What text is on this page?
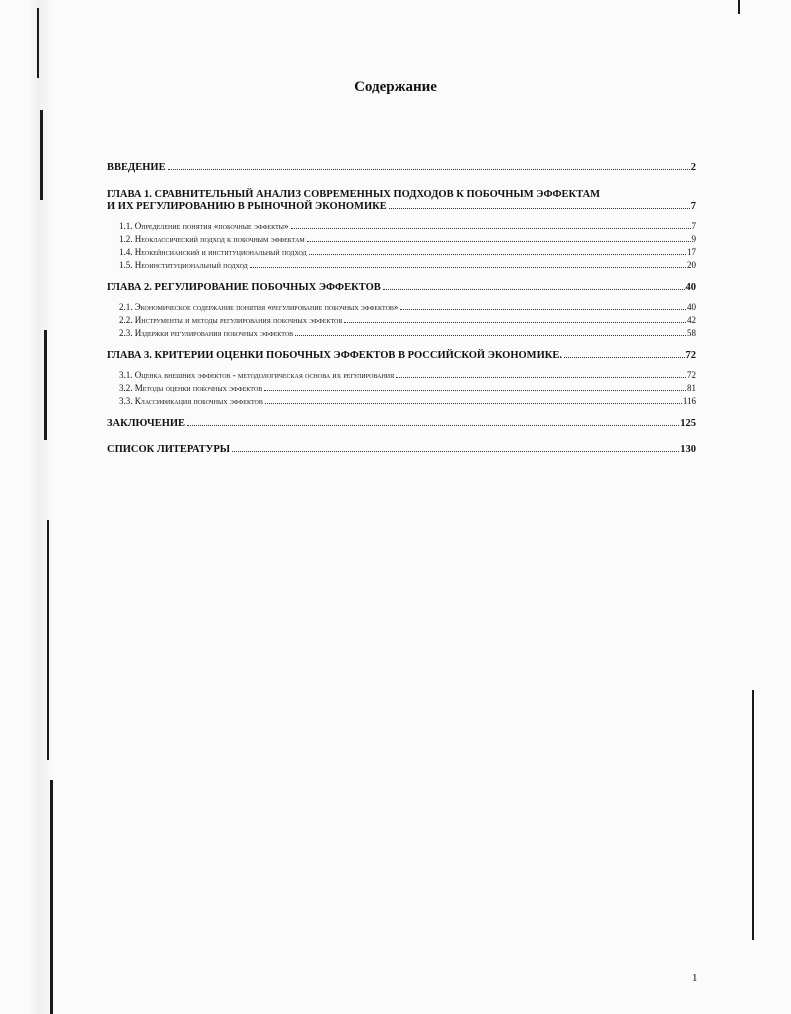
Содержание
ВВЕДЕНИЕ	2
ГЛАВА 1. СРАВНИТЕЛЬНЫЙ АНАЛИЗ СОВРЕМЕННЫХ ПОДХОДОВ К ПОБОЧНЫМ ЭФФЕКТАМ
И ИХ РЕГУЛИРОВАНИЮ В РЫНОЧНОЙ ЭКОНОМИКЕ	7
1.1. Определение понятия «побочные эффекты»	7
1.2. Неоклассический подход к побочным эффектам	9
1.4. Неокейнсианский и институциональный подход	17
1.5. Неоинституциональный подход	20
ГЛАВА 2. РЕГУЛИРОВАНИЕ ПОБОЧНЫХ ЭФФЕКТОВ	40
2.1. Экономическое содержание понятия «регулирование побочных эффектов»	40
2.2. Инструменты и методы регулирования побочных эффектов	42
2.3. Издержки регулирования побочных эффектов	58
ГЛАВА 3. КРИТЕРИИ ОЦЕНКИ ПОБОЧНЫХ ЭФФЕКТОВ В РОССИЙСКОЙ ЭКОНОМИКЕ.	72
3.1. Оценка внешних эффектов - методологическая основа их регулирования	72
3.2. Методы оценки побочных эффектов	81
3.3. Классификация побочных эффектов	116
ЗАКЛЮЧЕНИЕ	125
СПИСОК ЛИТЕРАТУРЫ	130
1
